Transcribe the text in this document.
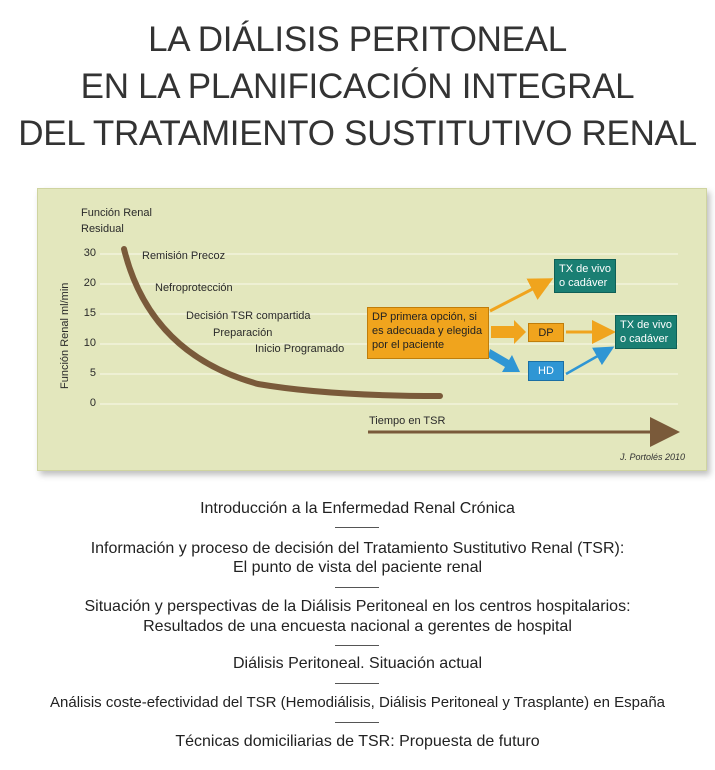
LA DIÁLISIS PERITONEAL
EN LA PLANIFICACIÓN INTEGRAL
DEL TRATAMIENTO SUSTITUTIVO RENAL
Función Renal
Residual
Función Renal ml/min
30
20
15
10
5
0
Remisión Precoz
Nefroprotección
Decisión TSR compartida
Preparación
Inicio Programado
Tiempo en TSR
DP primera opción, si es adecuada y elegida por el paciente
TX de vivo o cadáver
DP
HD
TX de vivo o cadáver
J. Portolés 2010
Introducción a la Enfermedad Renal Crónica
Información y proceso de decisión del Tratamiento Sustitutivo Renal (TSR):
El punto de vista del paciente renal
Situación y perspectivas de la Diálisis Peritoneal en los centros hospitalarios:
Resultados de una encuesta nacional a gerentes de hospital
Diálisis Peritoneal. Situación actual
Análisis coste-efectividad del TSR (Hemodiálisis, Diálisis Peritoneal y Trasplante) en España
Técnicas domiciliarias de TSR: Propuesta de futuro
